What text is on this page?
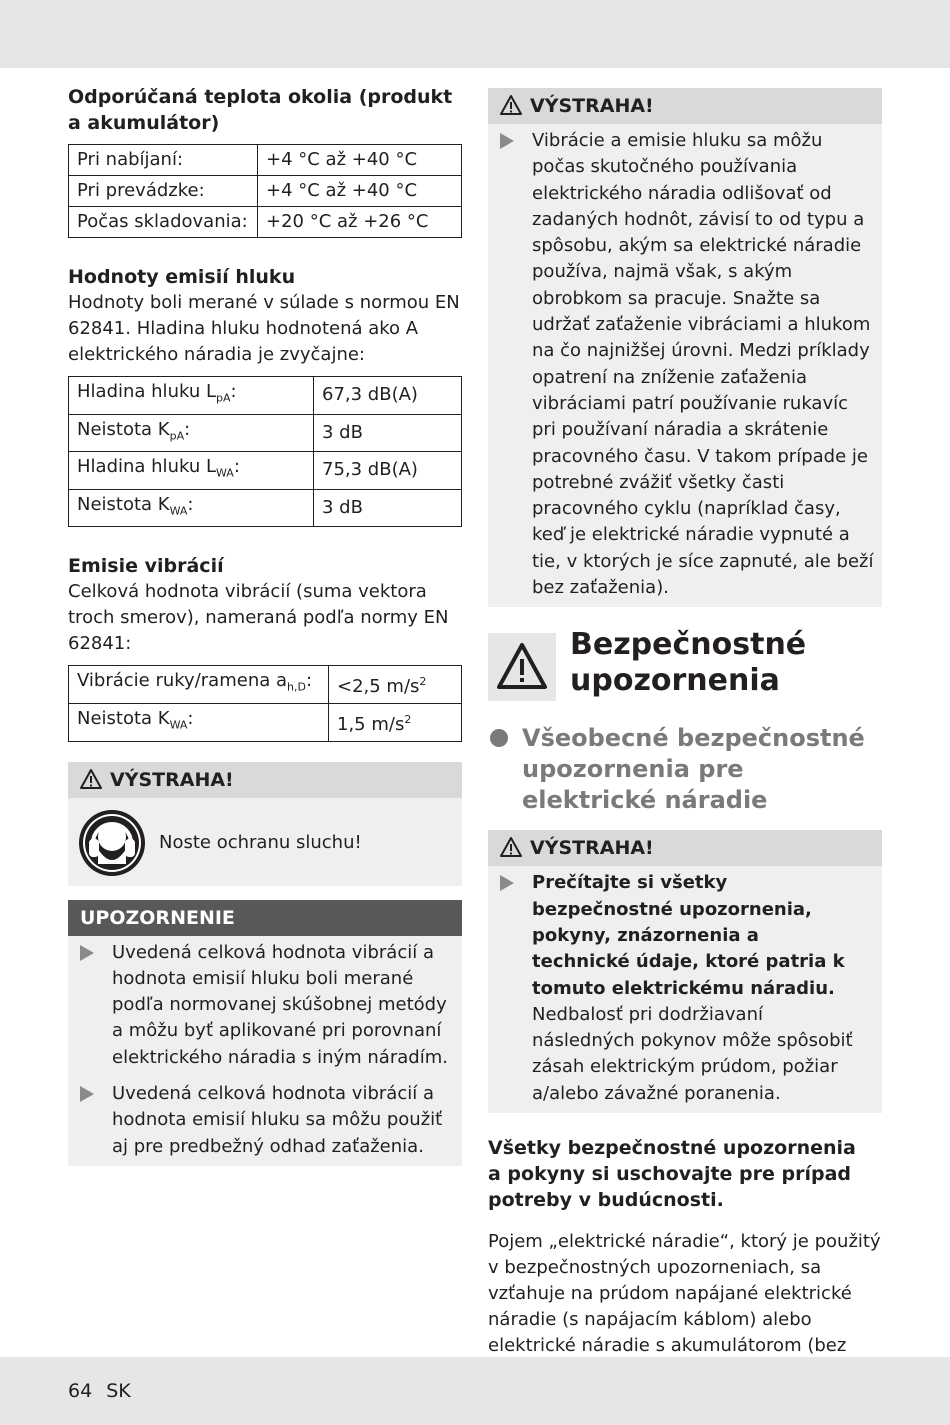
Odporúčaná teplota okolia (produkt a akumulátor)

Pri nabíjaní:	+4 °C až +40 °C
Pri prevádzke:	+4 °C až +40 °C
Počas skladovania:	+20 °C až +26 °C

Hodnoty emisií hluku

Hodnoty boli merané v súlade s normou EN 62841. Hladina hluku hodnotená ako A elektrického náradia je zvyčajne:

Hladina hluku $L_{pA}$:	67,3 dB(A)
Neistota $K_{pA}$:	3 dB
Hladina hluku $L_{WA}$:	75,3 dB(A)
Neistota $K_{WA}$:	3 dB

Emisie vibrácií

Celková hodnota vibrácií (suma vektora troch smerov), nameraná podľa normy EN 62841:

Vibrácie ruky/ramena $a_{h,D}$:	<2,5 $m/s^2$
Neistota $K_{WA}$:	1,5 $m/s^2$
VÝSTRAHA!
Noste ochranu sluchu!
UPOZORNENIE
Uvedená celková hodnota vibrácií a hodnota emisií hluku boli merané podľa normovanej skúšobnej metódy a môžu byť aplikované pri porovnaní elektrického náradia s iným náradím.
Uvedená celková hodnota vibrácií a hodnota emisií hluku sa môžu použiť aj pre predbežný odhad zaťaženia.
VÝSTRAHA!
Vibrácie a emisie hluku sa môžu počas skutočného používania elektrického náradia odlišovať od zadaných hodnôt, závisí to od typu a spôsobu, akým sa elektrické náradie používa, najmä však, s akým obrobkom sa pracuje. Snažte sa udržať zaťaženie vibráciami a hlukom na čo najnižšej úrovni. Medzi príklady opatrení na zníženie zaťaženia vibráciami patrí používanie rukavíc pri používaní náradia a skrátenie pracovného času. V takom prípade je potrebné zvážiť všetky časti pracovného cyklu (napríklad časy, keď je elektrické náradie vypnuté a tie, v ktorých je síce zapnuté, ale beží bez zaťaženia).
Bezpečnostné upozornenia
Všeobecné bezpečnostné upozornenia pre elektrické náradie
VÝSTRAHA!
Prečítajte si všetky bezpečnostné upozornenia, pokyny, znázornenia a technické údaje, ktoré patria k tomuto elektrickému náradiu. Nedbalosť pri dodržiavaní následných pokynov môže spôsobiť zásah elektrickým prúdom, požiar a/alebo závažné poranenia.

Všetky bezpečnostné upozornenia a pokyny si uschovajte pre prípad potreby v budúcnosti.

Pojem „elektrické náradie“, ktorý je použitý v bezpečnostných upozorneniach, sa vzťahuje na prúdom napájané elektrické náradie (s napájacím káblom) alebo elektrické náradie s akumulátorom (bez

64 SK
